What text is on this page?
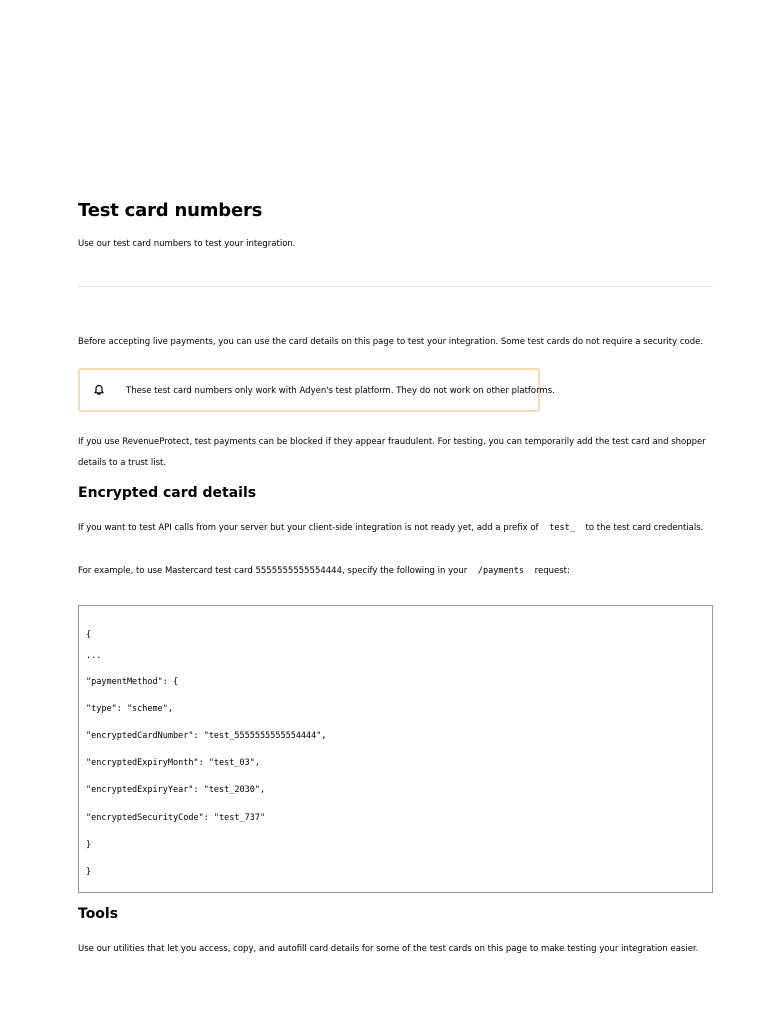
Test card numbers
Use our test card numbers to test your integration.
Before accepting live payments, you can use the card details on this page to test your integration. Some test cards do not require a security code.
These test card numbers only work with Adyen's test platform. They do not work on other platforms.
If you use RevenueProtect, test payments can be blocked if they appear fraudulent. For testing, you can temporarily add the test card and shopper details to a trust list.
Encrypted card details
If you want to test API calls from your server but your client-side integration is not ready yet, add a prefix of test_ to the test card credentials.
For example, to use Mastercard test card 5555555555554444, specify the following in your /payments request:
{
...
"paymentMethod": {
"type": "scheme",
"encryptedCardNumber": "test_5555555555554444",
"encryptedExpiryMonth": "test_03",
"encryptedExpiryYear": "test_2030",
"encryptedSecurityCode": "test_737"
}
}
Tools
Use our utilities that let you access, copy, and autofill card details for some of the test cards on this page to make testing your integration easier.
